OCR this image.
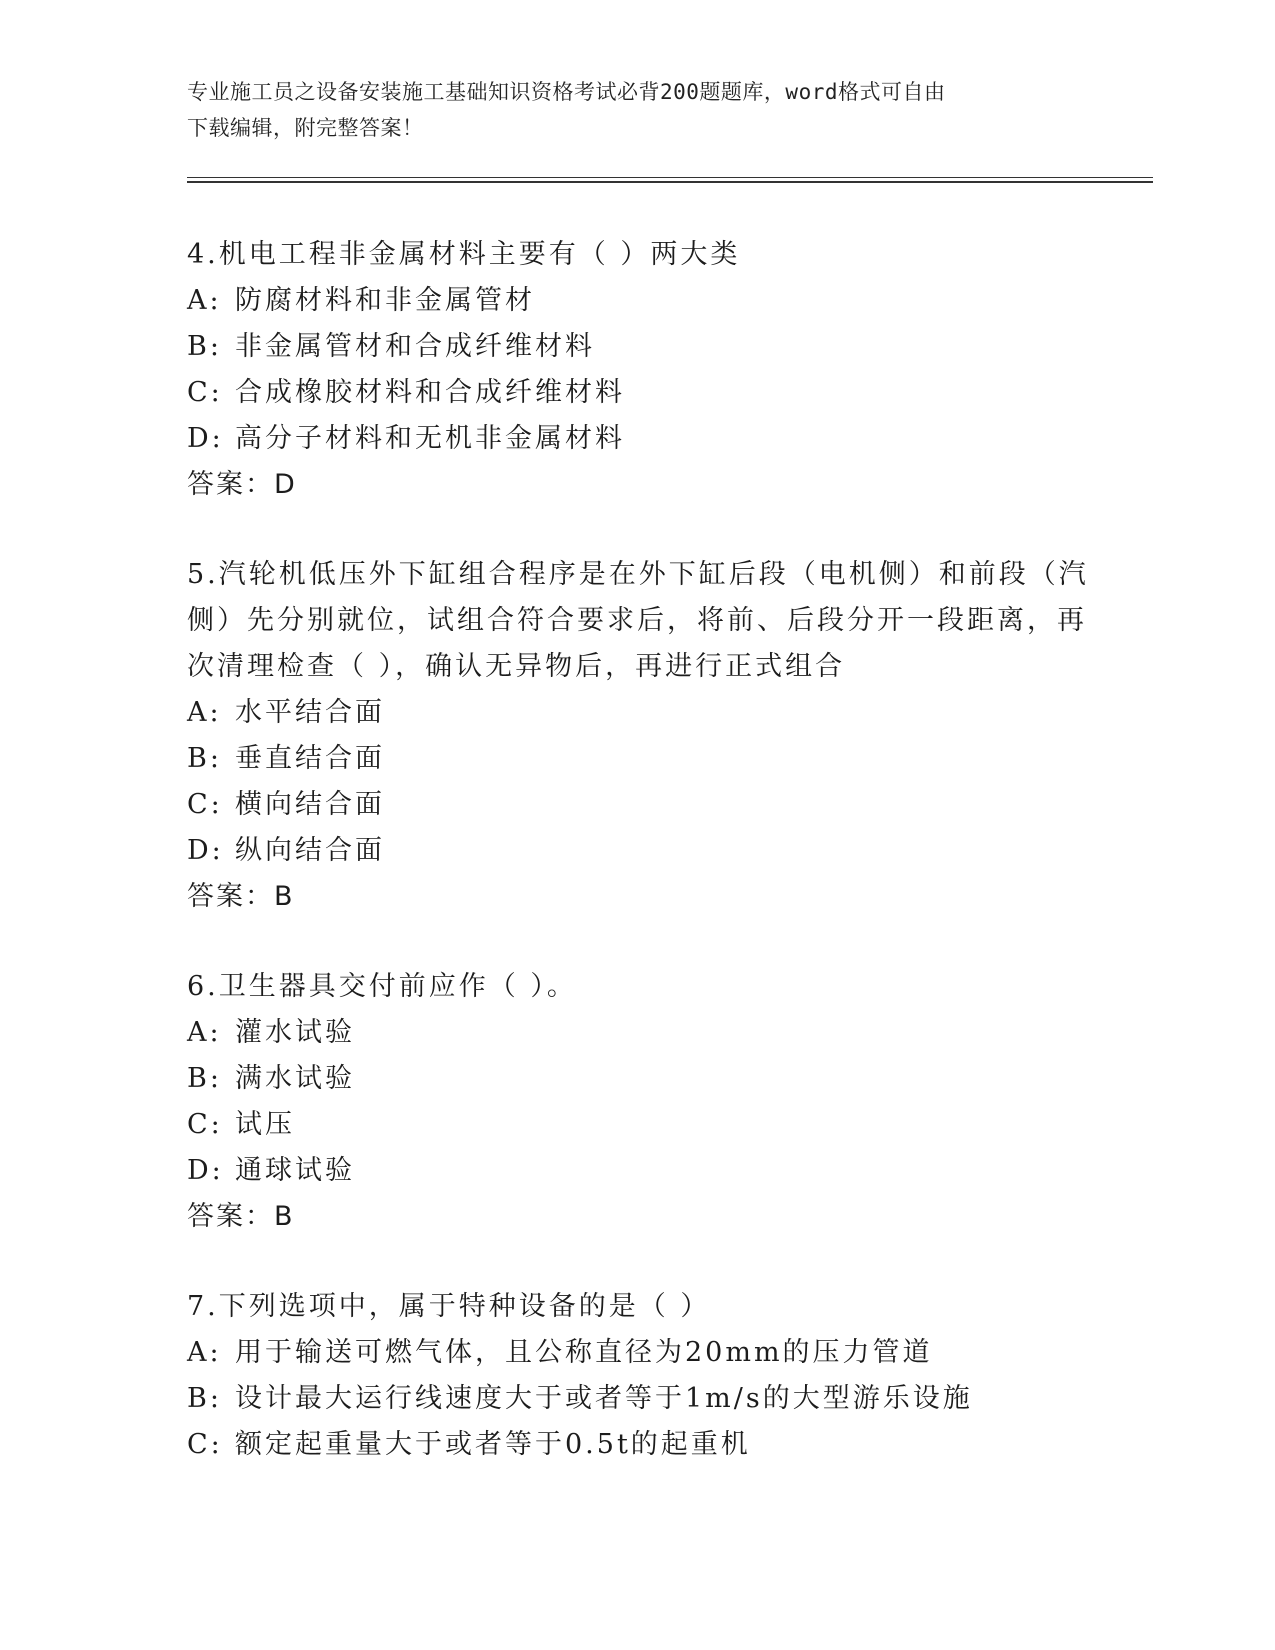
专业施工员之设备安装施工基础知识资格考试必背200题题库，word格式可自由
下载编辑，附完整答案！
4.机电工程非金属材料主要有（ ）两大类
A: 防腐材料和非金属管材
B: 非金属管材和合成纤维材料
C: 合成橡胶材料和合成纤维材料
D: 高分子材料和无机非金属材料
答案：D
5.汽轮机低压外下缸组合程序是在外下缸后段（电机侧）和前段（汽
侧）先分别就位，试组合符合要求后，将前、后段分开一段距离，再
次清理检查（ ），确认无异物后，再进行正式组合
A: 水平结合面
B: 垂直结合面
C: 横向结合面
D: 纵向结合面
答案：B
6.卫生器具交付前应作（ ）。
A: 灌水试验
B: 满水试验
C: 试压
D: 通球试验
答案：B
7.下列选项中，属于特种设备的是（ ）
A: 用于输送可燃气体，且公称直径为20mm的压力管道
B: 设计最大运行线速度大于或者等于1m/s的大型游乐设施
C: 额定起重量大于或者等于0.5t的起重机
